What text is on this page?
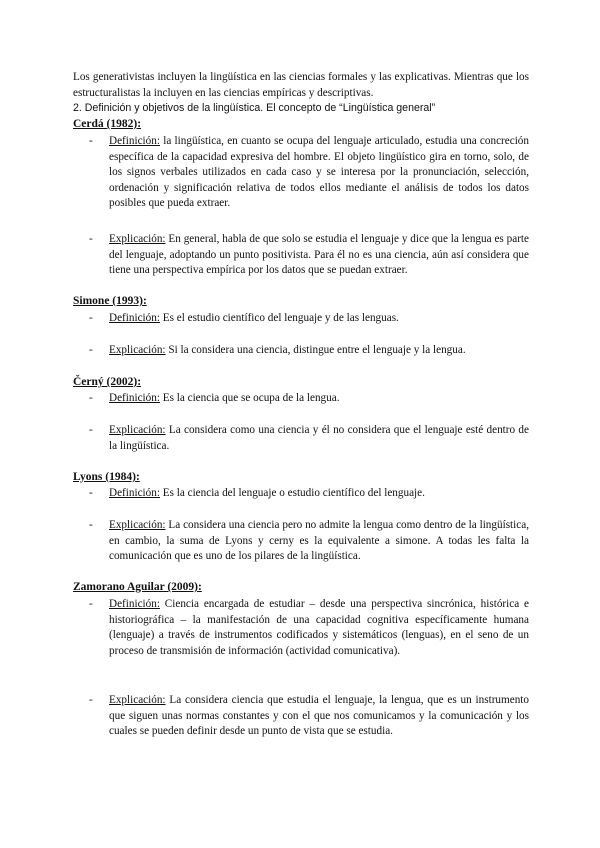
Los generativistas incluyen la lingüística en las ciencias formales y las explicativas. Mientras que los estructuralistas la incluyen en las ciencias empíricas y descriptivas.

2. Definición y objetivos de la lingüística. El concepto de “Lingüística general”

Cerdá (1982):
- Definición: la lingüística, en cuanto se ocupa del lenguaje articulado, estudia una concreción específica de la capacidad expresiva del hombre. El objeto lingüístico gira en torno, solo, de los signos verbales utilizados en cada caso y se interesa por la pronunciación, selección, ordenación y significación relativa de todos ellos mediante el análisis de todos los datos posibles que pueda extraer.
- Explicación: En general, habla de que solo se estudia el lenguaje y dice que la lengua es parte del lenguaje, adoptando un punto positivista. Para él no es una ciencia, aún así considera que tiene una perspectiva empírica por los datos que se puedan extraer.
Simone (1993):
- Definición: Es el estudio científico del lenguaje y de las lenguas.
- Explicación: Si la considera una ciencia, distingue entre el lenguaje y la lengua.
Černý (2002):
- Definición: Es la ciencia que se ocupa de la lengua.
- Explicación: La considera como una ciencia y él no considera que el lenguaje esté dentro de la lingüística.
Lyons (1984):
- Definición: Es la ciencia del lenguaje o estudio científico del lenguaje.
- Explicación: La considera una ciencia pero no admite la lengua como dentro de la lingüística, en cambio, la suma de Lyons y cerny es la equivalente a simone. A todas les falta la comunicación que es uno de los pilares de la lingüística.
Zamorano Aguilar (2009):
- Definición: Ciencia encargada de estudiar – desde una perspectiva sincrónica, histórica e historiográfica – la manifestación de una capacidad cognitiva específicamente humana (lenguaje) a través de instrumentos codificados y sistemáticos (lenguas), en el seno de un proceso de transmisión de información (actividad comunicativa).
- Explicación: La considera ciencia que estudia el lenguaje, la lengua, que es un instrumento que siguen unas normas constantes y con el que nos comunicamos y la comunicación y los cuales se pueden definir desde un punto de vista que se estudia.
